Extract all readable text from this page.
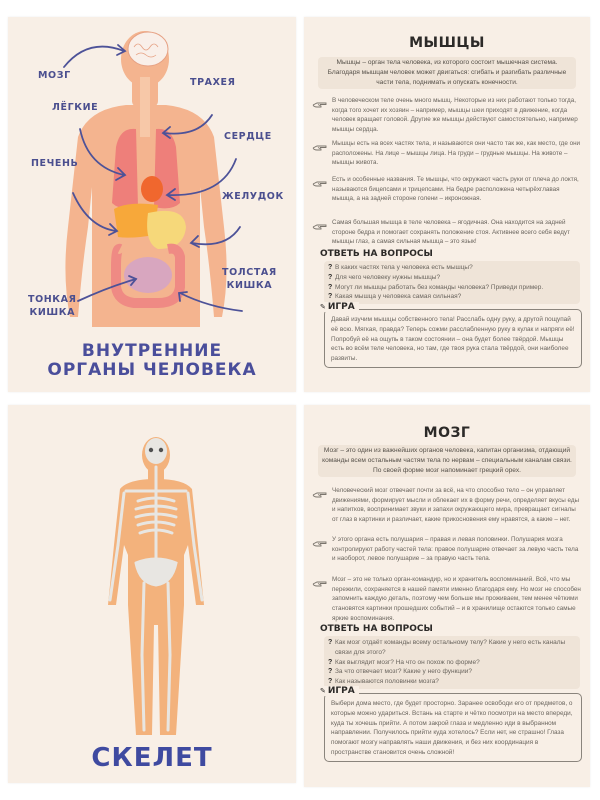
МОЗГ
ТРАХЕЯ
ЛЁГКИЕ
СЕРДЦЕ
ПЕЧЕНЬ
ЖЕЛУДОК
ТОЛСТАЯ
КИШКА
ТОНКАЯ
КИШКА
ВНУТРЕННИЕ
ОРГАНЫ ЧЕЛОВЕКА
МЫШЦЫ
Мышцы – орган тела человека, из которого состоит мышечная система. Благодаря мышцам человек может двигаться: сгибать и разгибать различные части тела, поднимать и опускать конечности.
В человеческом теле очень много мышц. Некоторые из них работают только тогда, когда того хочет их хозяин – например, мышцы шеи приходят в движение, когда человек вращает головой. Другие же мышцы действуют самостоятельно, например мышцы сердца.
Мышцы есть на всех частях тела, и называются они часто так же, как место, где они расположены. На лице – мышцы лица. На груди – грудные мышцы. На животе – мышцы живота.
Есть и особенные названия. Те мышцы, что окружают часть руки от плеча до локтя, называются бицепсами и трицепсами. На бедре расположена четырёхглавая мышца, а на задней стороне голени – икроножная.
Самая большая мышца в теле человека – ягодичная. Она находится на задней стороне бедра и помогает сохранять положение стоя. Активнее всего себя ведут мышцы глаз, а самая сильная мышца – это язык!
ОТВЕТЬ НА ВОПРОСЫ
? В каких частях тела у человека есть мышцы?
? Для чего человеку нужны мышцы?
? Могут ли мышцы работать без команды человека? Приведи пример.
? Какая мышца у человека самая сильная?
Давай изучим мышцы собственного тела! Расслабь одну руку, а другой пощупай её всю. Мягкая, правда? Теперь сожми расслабленную руку в кулак и напряги её! Попробуй её на ощупь в таком состоянии – она будет более твёрдой. Мышцы есть во всём теле человека, но там, где твоя рука стала твёрдой, они наиболее развиты.
✎ ИГРА
СКЕЛЕТ
МОЗГ
Мозг – это один из важнейших органов человека, капитан организма, отдающий команды всем остальным частям тела по нервам – специальным каналам связи. По своей форме мозг напоминает грецкий орех.
Человеческий мозг отвечает почти за всё, на что способно тело – он управляет движениями, формирует мысли и облекает их в форму речи, определяет вкусы еды и напитков, воспринимает звуки и запахи окружающего мира, превращает сигналы от глаз в картинки и различает, какие прикосновения ему нравятся, а какие – нет.
У этого органа есть полушария – правая и левая половинки. Полушария мозга контролируют работу частей тела: правое полушарие отвечает за левую часть тела и наоборот, левое полушарие – за правую часть тела.
Мозг – это не только орган-командир, но и хранитель воспоминаний. Всё, что мы пережили, сохраняется в нашей памяти именно благодаря ему. Но мозг не способен запомнить каждую деталь, поэтому чем больше мы проживаем, тем менее чёткими становятся картинки прошедших событий – и в хранилище остаются только самые яркие воспоминания.
ОТВЕТЬ НА ВОПРОСЫ
? Как мозг отдаёт команды всему остальному телу? Какие у него есть каналы связи для этого?
? Как выглядит мозг? На что он похож по форме?
? За что отвечает мозг? Какие у него функции?
? Как называются половинки мозга?
Выбери дома место, где будет просторно. Заранее освободи его от предметов, о которые можно удариться. Встань на старте и чётко посмотри на место впереди, куда ты хочешь прийти. А потом закрой глаза и медленно иди в выбранном направлении. Получилось прийти куда хотелось? Если нет, не страшно! Глаза помогают мозгу направлять наши движения, и без них координация в пространстве становится очень сложной!
✎ ИГРА
